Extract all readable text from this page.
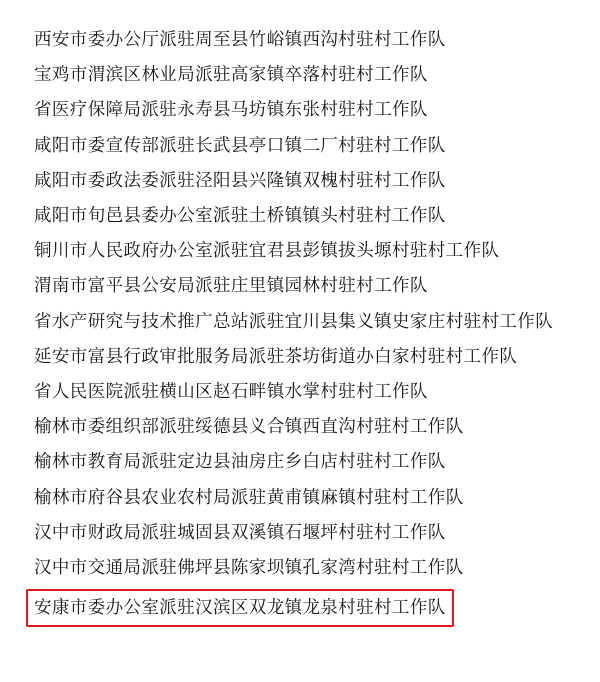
西安市委办公厅派驻周至县竹峪镇西沟村驻村工作队
宝鸡市渭滨区林业局派驻高家镇卒落村驻村工作队
省医疗保障局派驻永寿县马坊镇东张村驻村工作队
咸阳市委宣传部派驻长武县亭口镇二厂村驻村工作队
咸阳市委政法委派驻泾阳县兴隆镇双槐村驻村工作队
咸阳市旬邑县委办公室派驻土桥镇镇头村驻村工作队
铜川市人民政府办公室派驻宜君县彭镇拔头塬村驻村工作队
渭南市富平县公安局派驻庄里镇园林村驻村工作队
省水产研究与技术推广总站派驻宜川县集义镇史家庄村驻村工作队
延安市富县行政审批服务局派驻茶坊街道办白家村驻村工作队
省人民医院派驻横山区赵石畔镇水掌村驻村工作队
榆林市委组织部派驻绥德县义合镇西直沟村驻村工作队
榆林市教育局派驻定边县油房庄乡白店村驻村工作队
榆林市府谷县农业农村局派驻黄甫镇麻镇村驻村工作队
汉中市财政局派驻城固县双溪镇石堰坪村驻村工作队
汉中市交通局派驻佛坪县陈家坝镇孔家湾村驻村工作队
安康市委办公室派驻汉滨区双龙镇龙泉村驻村工作队
